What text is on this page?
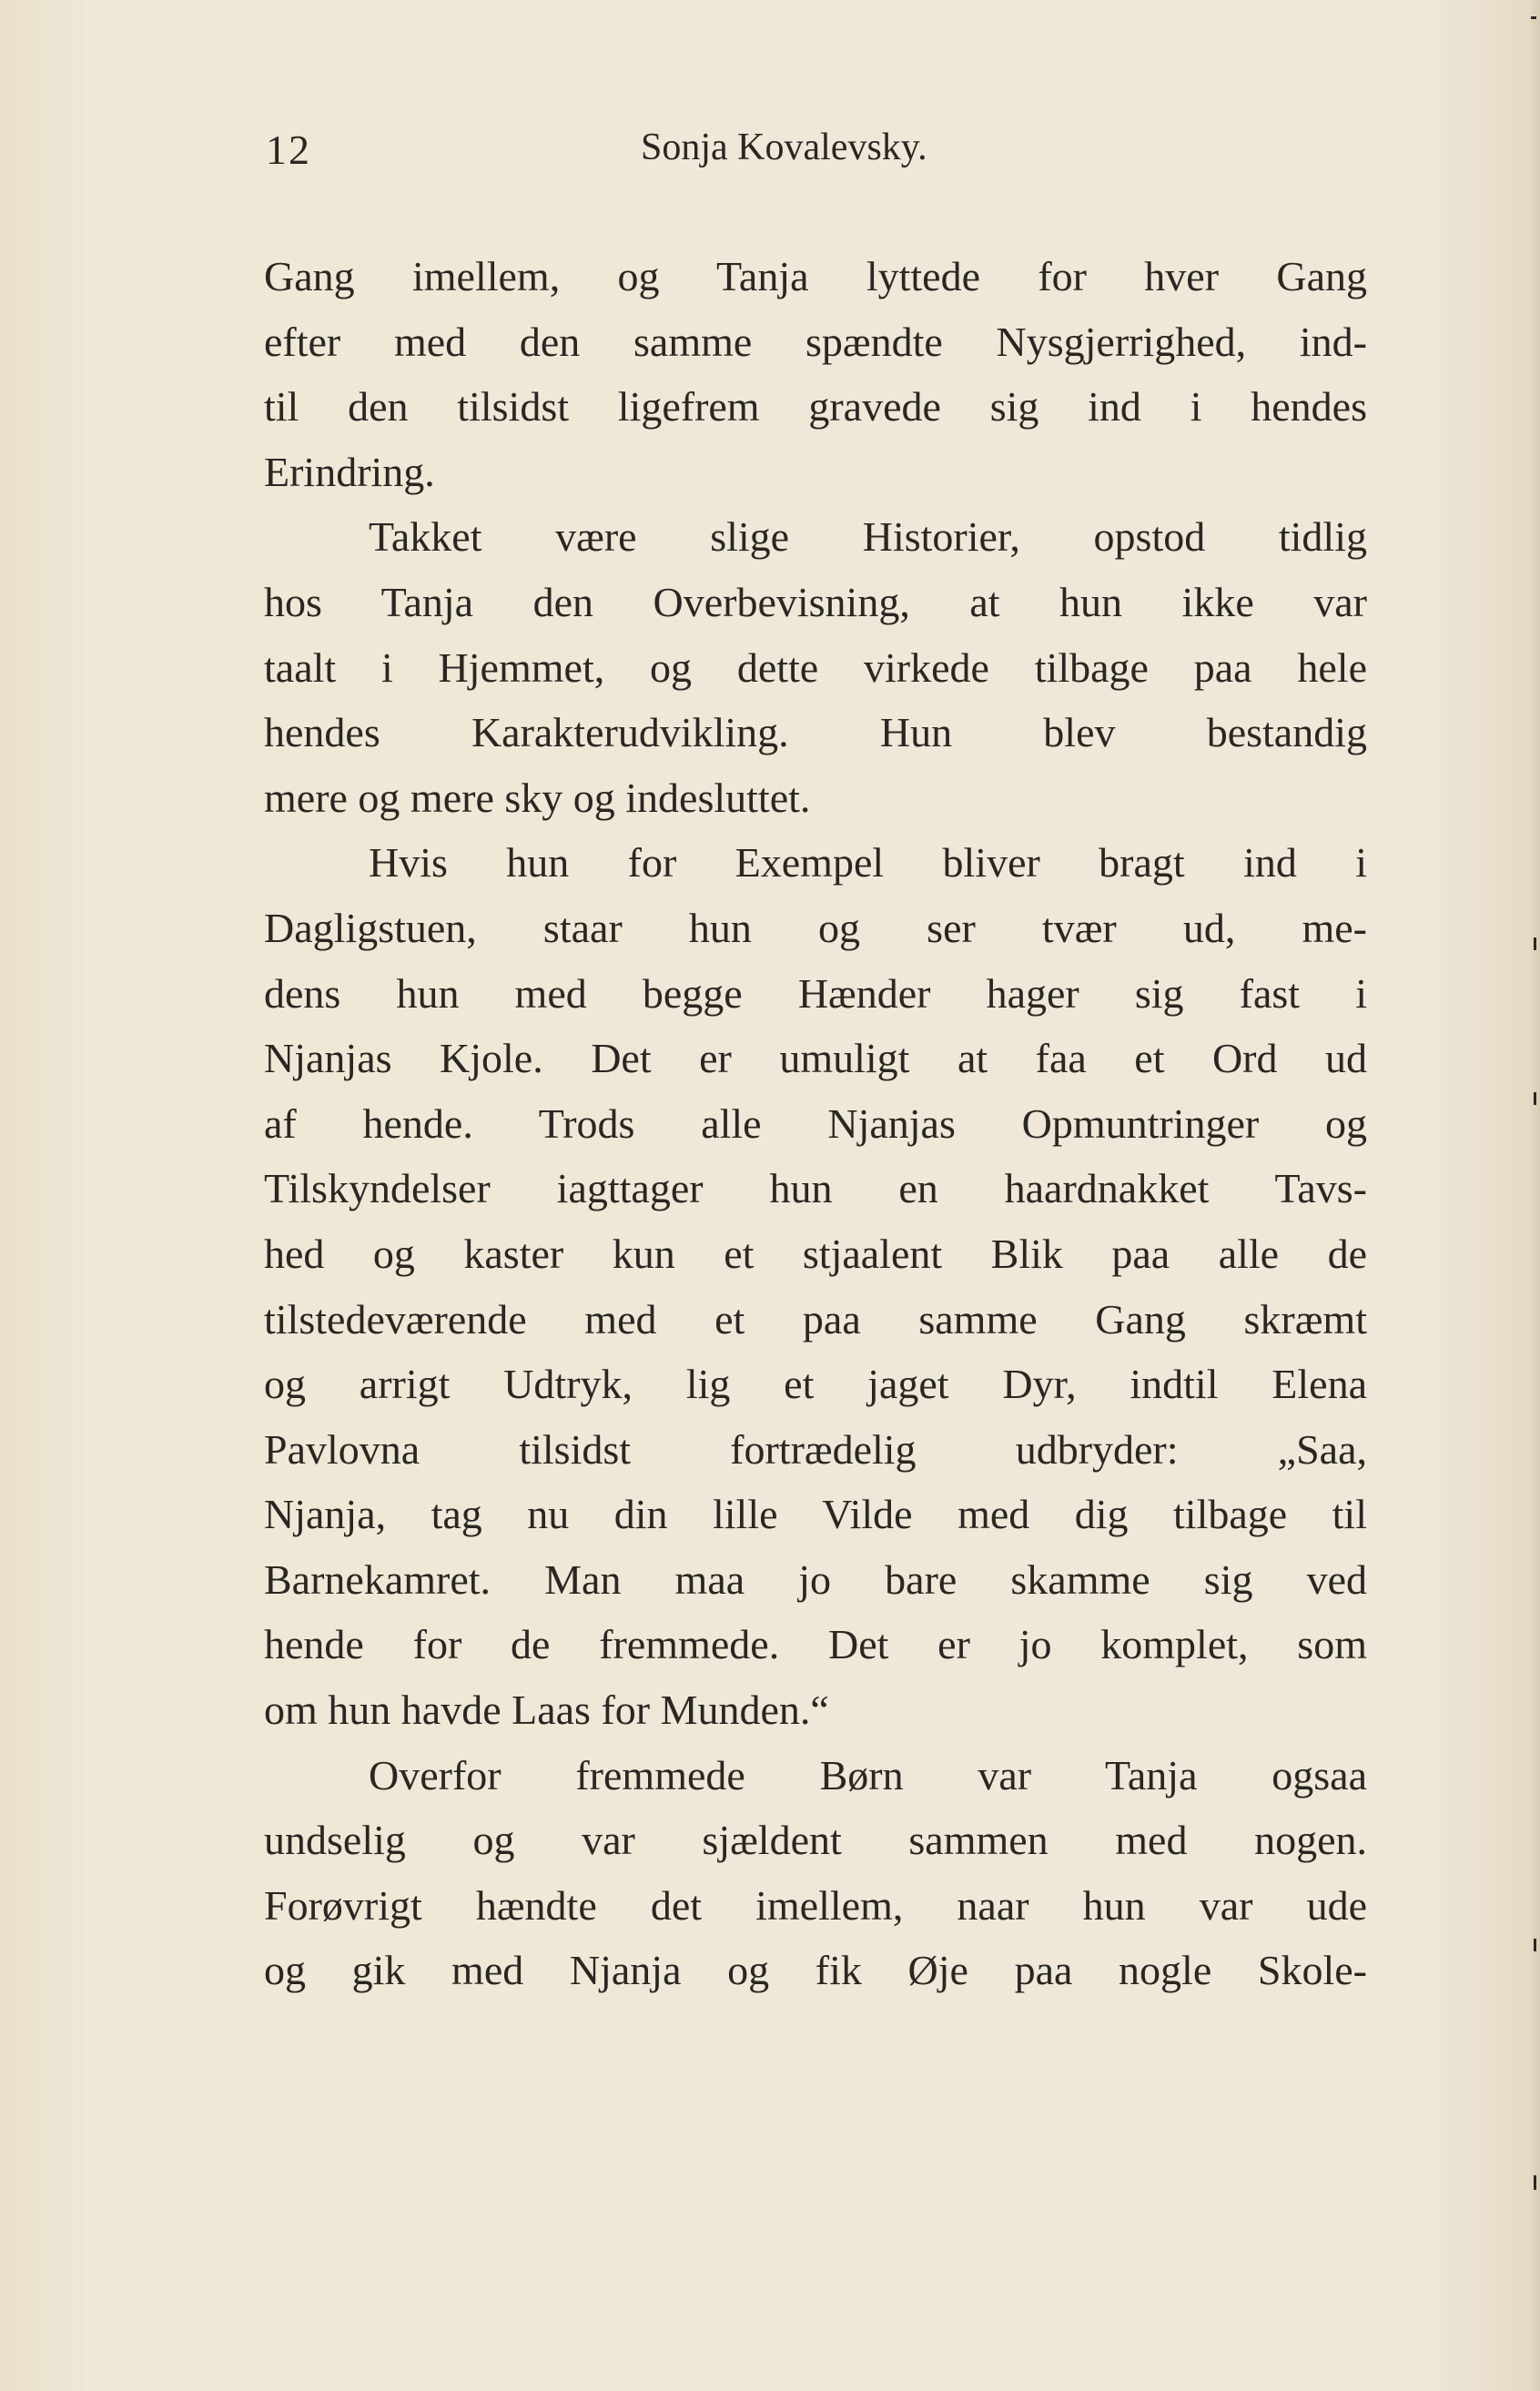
12	Sonja Kovalevsky.
Gang imellem, og Tanja lyttede for hver Gang
efter med den samme spændte Nysgjerrighed, ind-
til den tilsidst ligefrem gravede sig ind i hendes
Erindring.
Takket være slige Historier, opstod tidlig
hos Tanja den Overbevisning, at hun ikke var
taalt i Hjemmet, og dette virkede tilbage paa hele
hendes Karakterudvikling. Hun blev bestandig
mere og mere sky og indesluttet.
Hvis hun for Exempel bliver bragt ind i
Dagligstuen, staar hun og ser tvær ud, me-
dens hun med begge Hænder hager sig fast i
Njanjas Kjole. Det er umuligt at faa et Ord ud
af hende. Trods alle Njanjas Opmuntringer og
Tilskyndelser iagttager hun en haardnakket Tavs-
hed og kaster kun et stjaalent Blik paa alle de
tilstedeværende med et paa samme Gang skræmt
og arrigt Udtryk, lig et jaget Dyr, indtil Elena
Pavlovna tilsidst fortrædelig udbryder: „Saa,
Njanja, tag nu din lille Vilde med dig tilbage til
Barnekamret. Man maa jo bare skamme sig ved
hende for de fremmede. Det er jo komplet, som
om hun havde Laas for Munden.“
Overfor fremmede Børn var Tanja ogsaa
undselig og var sjældent sammen med nogen.
Forøvrigt hændte det imellem, naar hun var ude
og gik med Njanja og fik Øje paa nogle Skole-
